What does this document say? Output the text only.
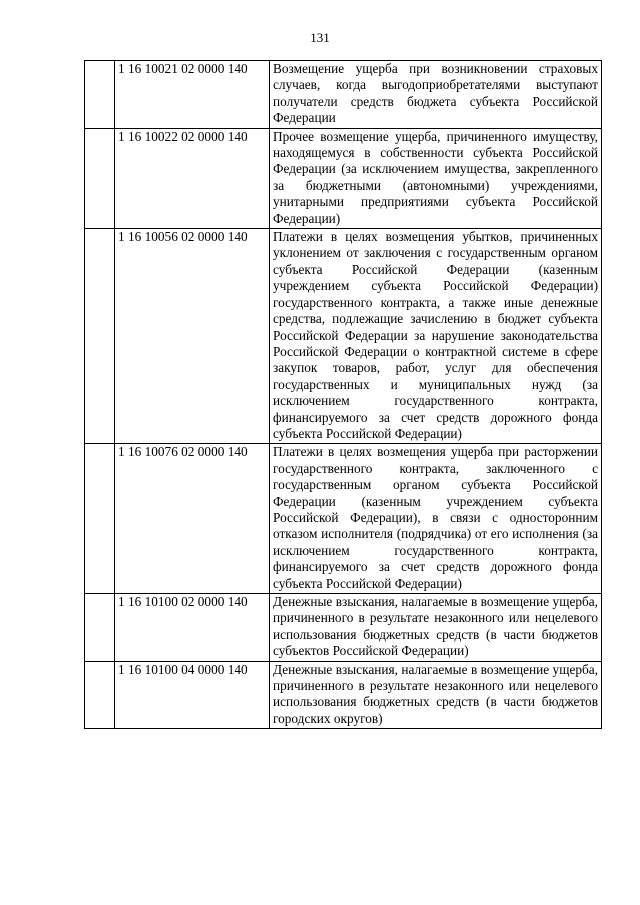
131
	1 16 10021 02 0000 140	Возмещение ущерба при возникновении страховых случаев, когда выгодоприобретателями выступают получатели средств бюджета субъекта Российской Федерации
	1 16 10022 02 0000 140	Прочее возмещение ущерба, причиненного имуществу, находящемуся в собственности субъекта Российской Федерации (за исключением имущества, закрепленного за бюджетными (автономными) учреждениями, унитарными предприятиями субъекта Российской Федерации)
	1 16 10056 02 0000 140	Платежи в целях возмещения убытков, причиненных уклонением от заключения с государственным органом субъекта Российской Федерации (казенным учреждением субъекта Российской Федерации) государственного контракта, а также иные денежные средства, подлежащие зачислению в бюджет субъекта Российской Федерации за нарушение законодательства Российской Федерации о контрактной системе в сфере закупок товаров, работ, услуг для обеспечения государственных и муниципальных нужд (за исключением государственного контракта, финансируемого за счет средств дорожного фонда субъекта Российской Федерации)
	1 16 10076 02 0000 140	Платежи в целях возмещения ущерба при расторжении государственного контракта, заключенного с государственным органом субъекта Российской Федерации (казенным учреждением субъекта Российской Федерации), в связи с односторонним отказом исполнителя (подрядчика) от его исполнения (за исключением государственного контракта, финансируемого за счет средств дорожного фонда субъекта Российской Федерации)
	1 16 10100 02 0000 140	Денежные взыскания, налагаемые в возмещение ущерба, причиненного в результате незаконного или нецелевого использования бюджетных средств (в части бюджетов субъектов Российской Федерации)
	1 16 10100 04 0000 140	Денежные взыскания, налагаемые в возмещение ущерба, причиненного в результате незаконного или нецелевого использования бюджетных средств (в части бюджетов городских округов)
